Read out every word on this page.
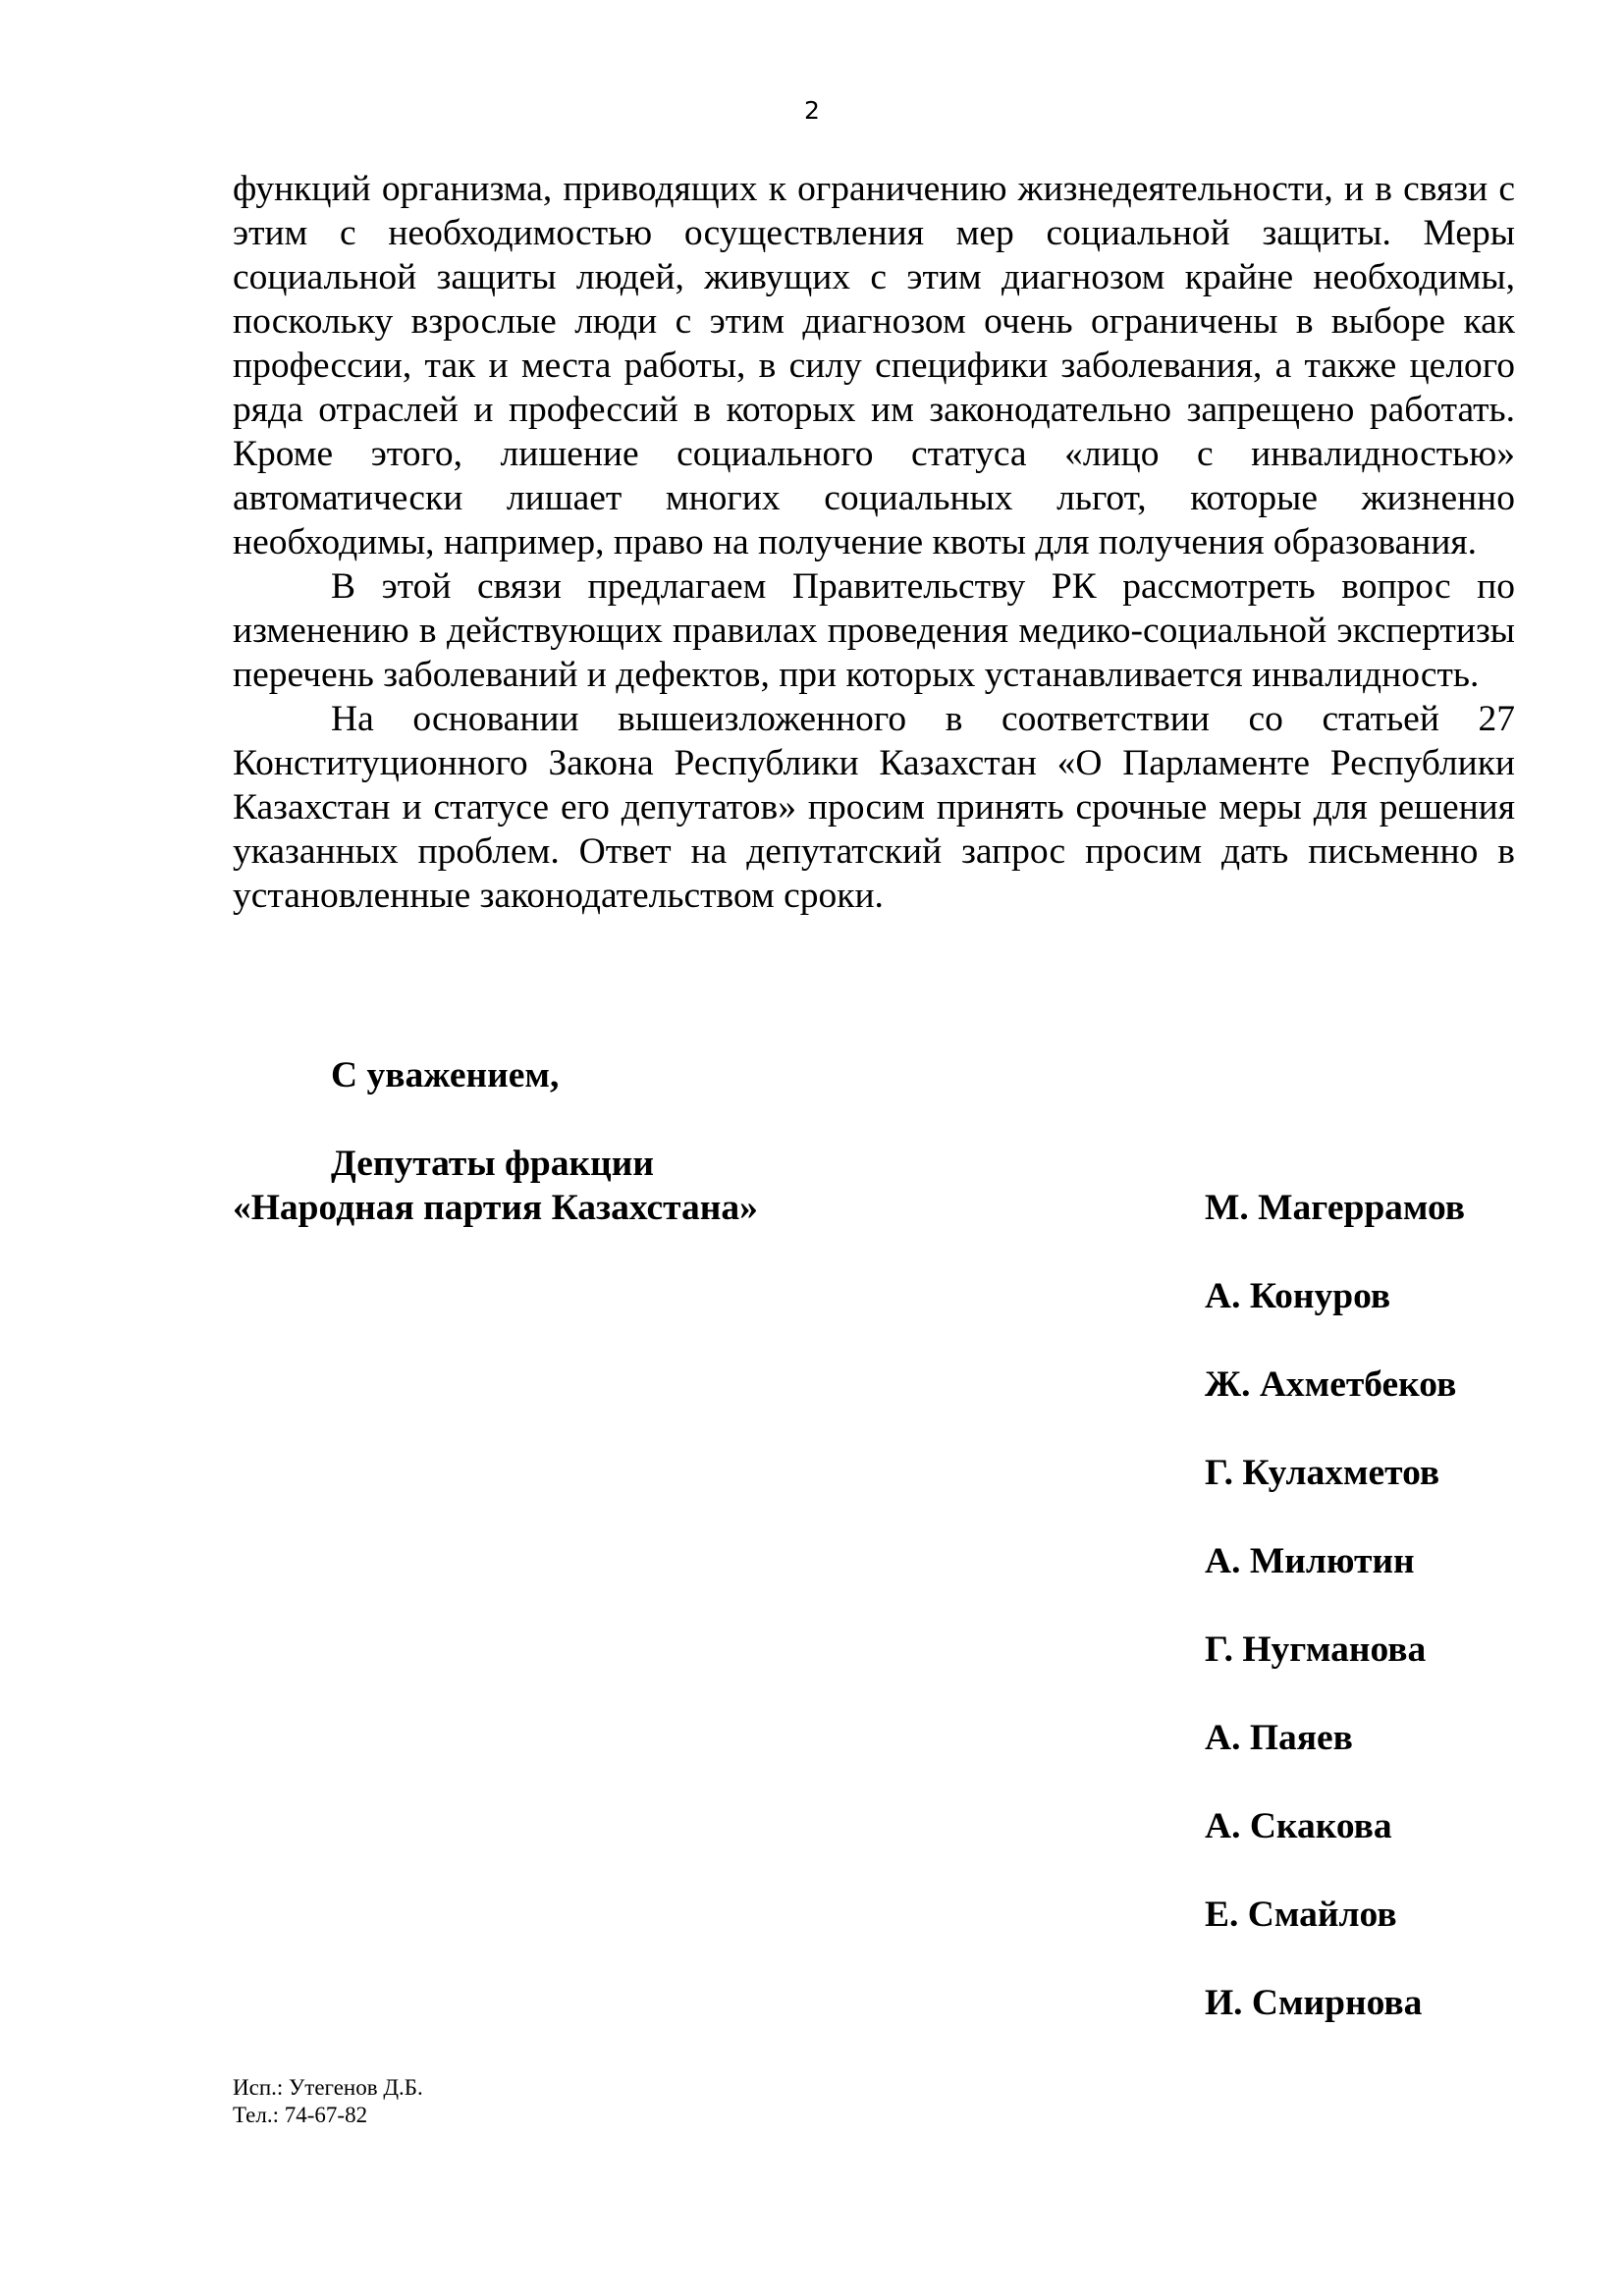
2

функций организма, приводящих к ограничению жизнедеятельности, и в связи с этим с необходимостью осуществления мер социальной защиты. Меры социальной защиты людей, живущих с этим диагнозом крайне необходимы, поскольку взрослые люди с этим диагнозом очень ограничены в выборе как профессии, так и места работы, в силу специфики заболевания, а также целого ряда отраслей и профессий в которых им законодательно запрещено работать. Кроме этого, лишение социального статуса «лицо с инвалидностью» автоматически лишает многих социальных льгот, которые жизненно необходимы, например, право на получение квоты для получения образования.

В этой связи предлагаем Правительству РК рассмотреть вопрос по изменению в действующих правилах проведения медико-социальной экспертизы перечень заболеваний и дефектов, при которых устанавливается инвалидность.

На основании вышеизложенного в соответствии со статьей 27 Конституционного Закона Республики Казахстан «О Парламенте Республики Казахстан и статусе его депутатов» просим принять срочные меры для решения указанных проблем. Ответ на депутатский запрос просим дать письменно в установленные законодательством сроки.

С уважением,
Депутаты фракции
«Народная партия Казахстана»	М. Магеррамов
А. Конуров
Ж. Ахметбеков
Г. Кулахметов
А. Милютин
Г. Нугманова
А. Паяев
А. Скакова
Е. Смайлов
И. Смирнова
Исп.: Утегенов Д.Б.
Тел.: 74-67-82
